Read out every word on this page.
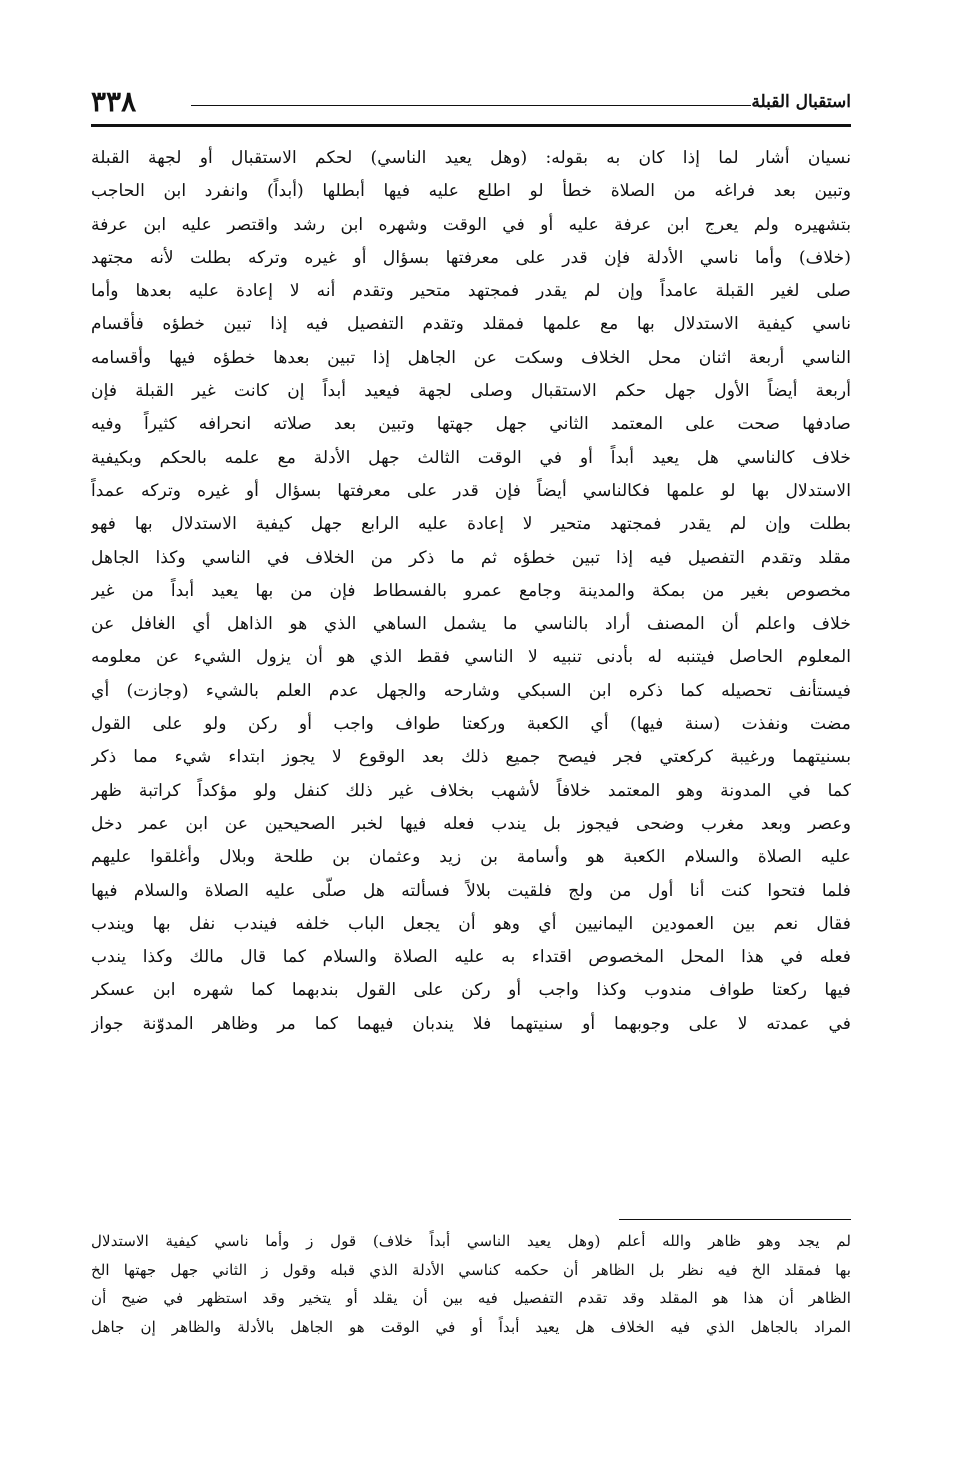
٣٣٨	استقبال القبلة
نسيان أشار لما إذا كان به بقوله: (وهل يعيد الناسي) لحكم الاستقبال أو لجهة القبلة
وتبين بعد فراغه من الصلاة خطأ لو اطلع عليه فيها أبطلها (أبداً) وانفرد ابن الحاجب
بتشهيره ولم يعرج ابن عرفة عليه أو في الوقت وشهره ابن رشد واقتصر عليه ابن عرفة
(خلاف) وأما ناسي الأدلة فإن قدر على معرفتها بسؤال أو غيره وتركه بطلت لأنه مجتهد
صلى لغير القبلة عامداً وإن لم يقدر فمجتهد متحير وتقدم أنه لا إعادة عليه بعدها وأما
ناسي كيفية الاستدلال بها مع علمها فمقلد وتقدم التفصيل فيه إذا تبين خطؤه فأقسام
الناسي أربعة اثنان محل الخلاف وسكت عن الجاهل إذا تبين بعدها خطؤه فيها وأقسامه
أربعة أيضاً الأول جهل حكم الاستقبال وصلى لجهة فيعيد أبداً إن كانت غير القبلة فإن
صادفها صحت على المعتمد الثاني جهل جهتها وتبين بعد صلاته انحرافه كثيراً وفيه
خلاف كالناسي هل يعيد أبداً أو في الوقت الثالث جهل الأدلة مع علمه بالحكم وبكيفية
الاستدلال بها لو علمها فكالناسي أيضاً فإن قدر على معرفتها بسؤال أو غيره وتركه عمداً
بطلت وإن لم يقدر فمجتهد متحير لا إعادة عليه الرابع جهل كيفية الاستدلال بها فهو
مقلد وتقدم التفصيل فيه إذا تبين خطؤه ثم ما ذكر من الخلاف في الناسي وكذا الجاهل
مخصوص بغير من بمكة والمدينة وجامع عمرو بالفسطاط فإن من بها يعيد أبداً من غير
خلاف واعلم أن المصنف أراد بالناسي ما يشمل الساهي الذي هو الذاهل أي الغافل عن
المعلوم الحاصل فيتنبه له بأدنى تنبيه لا الناسي فقط الذي هو أن يزول الشيء عن معلومه
فيستأنف تحصيله كما ذكره ابن السبكي وشارحه والجهل عدم العلم بالشيء (وجازت) أي
مضت ونفذت (سنة فيها) أي الكعبة وركعتا طواف واجب أو ركن ولو على القول
بسنيتهما ورغيبة كركعتي فجر فيصح جميع ذلك بعد الوقوع لا يجوز ابتداء شيء مما ذكر
كما في المدونة وهو المعتمد خلافاً لأشهب بخلاف غير ذلك كنفل ولو مؤكداً كراتبة ظهر
وعصر وبعد مغرب وضحى فيجوز بل يندب فعله فيها لخبر الصحيحين عن ابن عمر دخل
عليه الصلاة والسلام الكعبة هو وأسامة بن زيد وعثمان بن طلحة وبلال وأغلقوا عليهم
فلما فتحوا كنت أنا أول من ولج فلقيت بلالاً فسألته هل صلّى عليه الصلاة والسلام فيها
فقال نعم بين العمودين اليمانيين أي وهو أن يجعل الباب خلفه فيندب نفل بها ويندب
فعله في هذا المحل المخصوص اقتداء به عليه الصلاة والسلام كما قال مالك وكذا يندب
فيها ركعتا طواف مندوب وكذا واجب أو ركن على القول بندبهما كما شهره ابن عسكر
في عمدته لا على وجوبهما أو سنيتهما فلا يندبان فيهما كما مر وظاهر المدوّنة جواز
لم يجد وهو ظاهر والله أعلم (وهل يعيد الناسي أبداً خلاف) قول ز وأما ناسي كيفية الاستدلال
بها فمقلد الخ فيه نظر بل الظاهر أن حكمه كناسي الأدلة الذي قبله وقول ز الثاني جهل جهتها الخ
الظاهر أن هذا هو المقلد وقد تقدم التفصيل فيه بين أن يقلد أو يتخير وقد استظهر في ضيح أن
المراد بالجاهل الذي فيه الخلاف هل يعيد أبداً أو في الوقت هو الجاهل بالأدلة والظاهر إن جاهل
